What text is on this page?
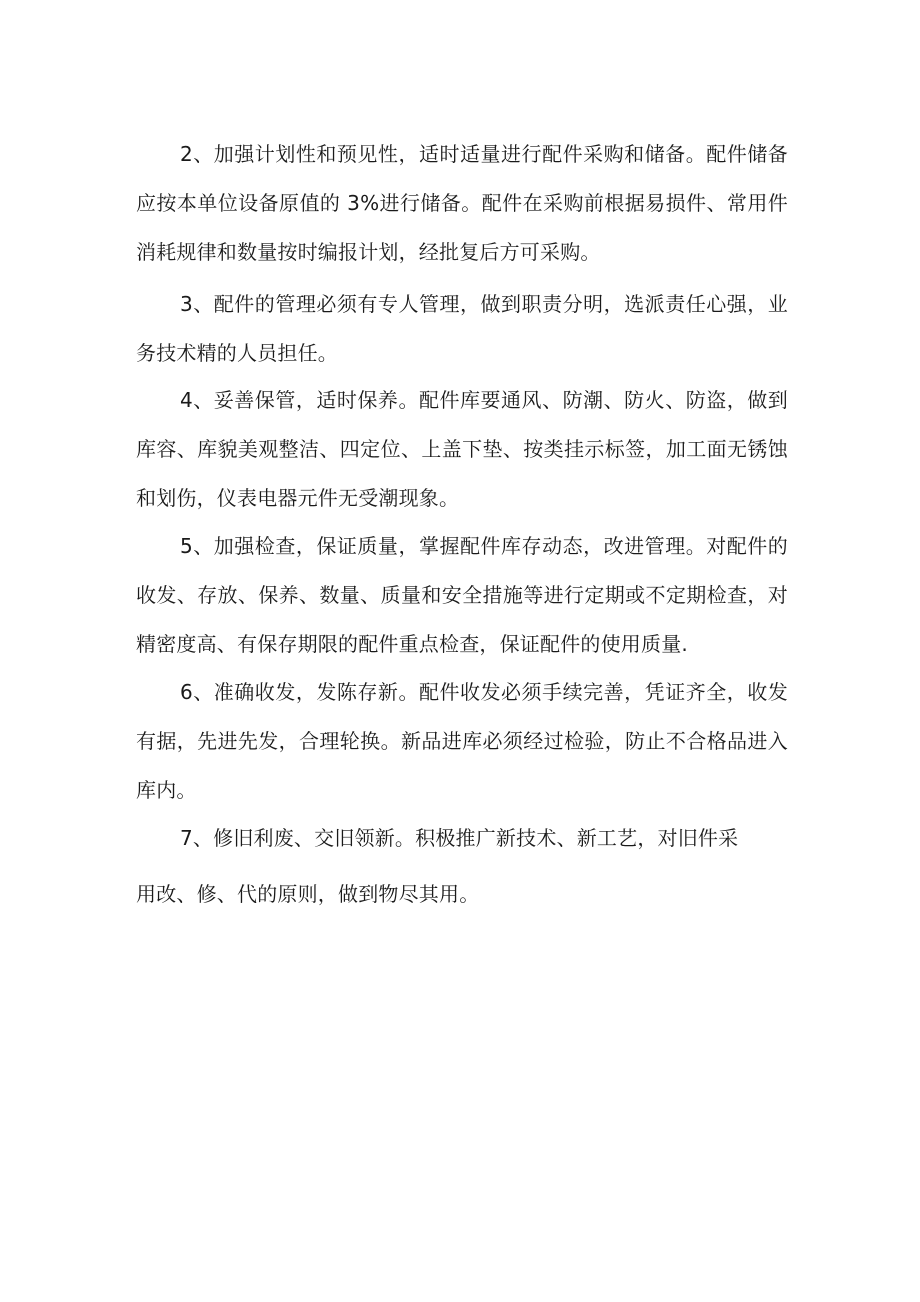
2、加强计划性和预见性，适时适量进行配件采购和储备。配件储备应按本单位设备原值的 3%进行储备。配件在采购前根据易损件、常用件消耗规律和数量按时编报计划，经批复后方可采购。

3、配件的管理必须有专人管理，做到职责分明，选派责任心强，业务技术精的人员担任。

4、妥善保管，适时保养。配件库要通风、防潮、防火、防盗，做到库容、库貌美观整洁、四定位、上盖下垫、按类挂示标签，加工面无锈蚀和划伤，仪表电器元件无受潮现象。

5、加强检查，保证质量，掌握配件库存动态，改进管理。对配件的收发、存放、保养、数量、质量和安全措施等进行定期或不定期检查，对精密度高、有保存期限的配件重点检查，保证配件的使用质量.

6、准确收发，发陈存新。配件收发必须手续完善，凭证齐全，收发有据，先进先发，合理轮换。新品进库必须经过检验，防止不合格品进入库内。

7、修旧利废、交旧领新。积极推广新技术、新工艺，对旧件采

用改、修、代的原则，做到物尽其用。
